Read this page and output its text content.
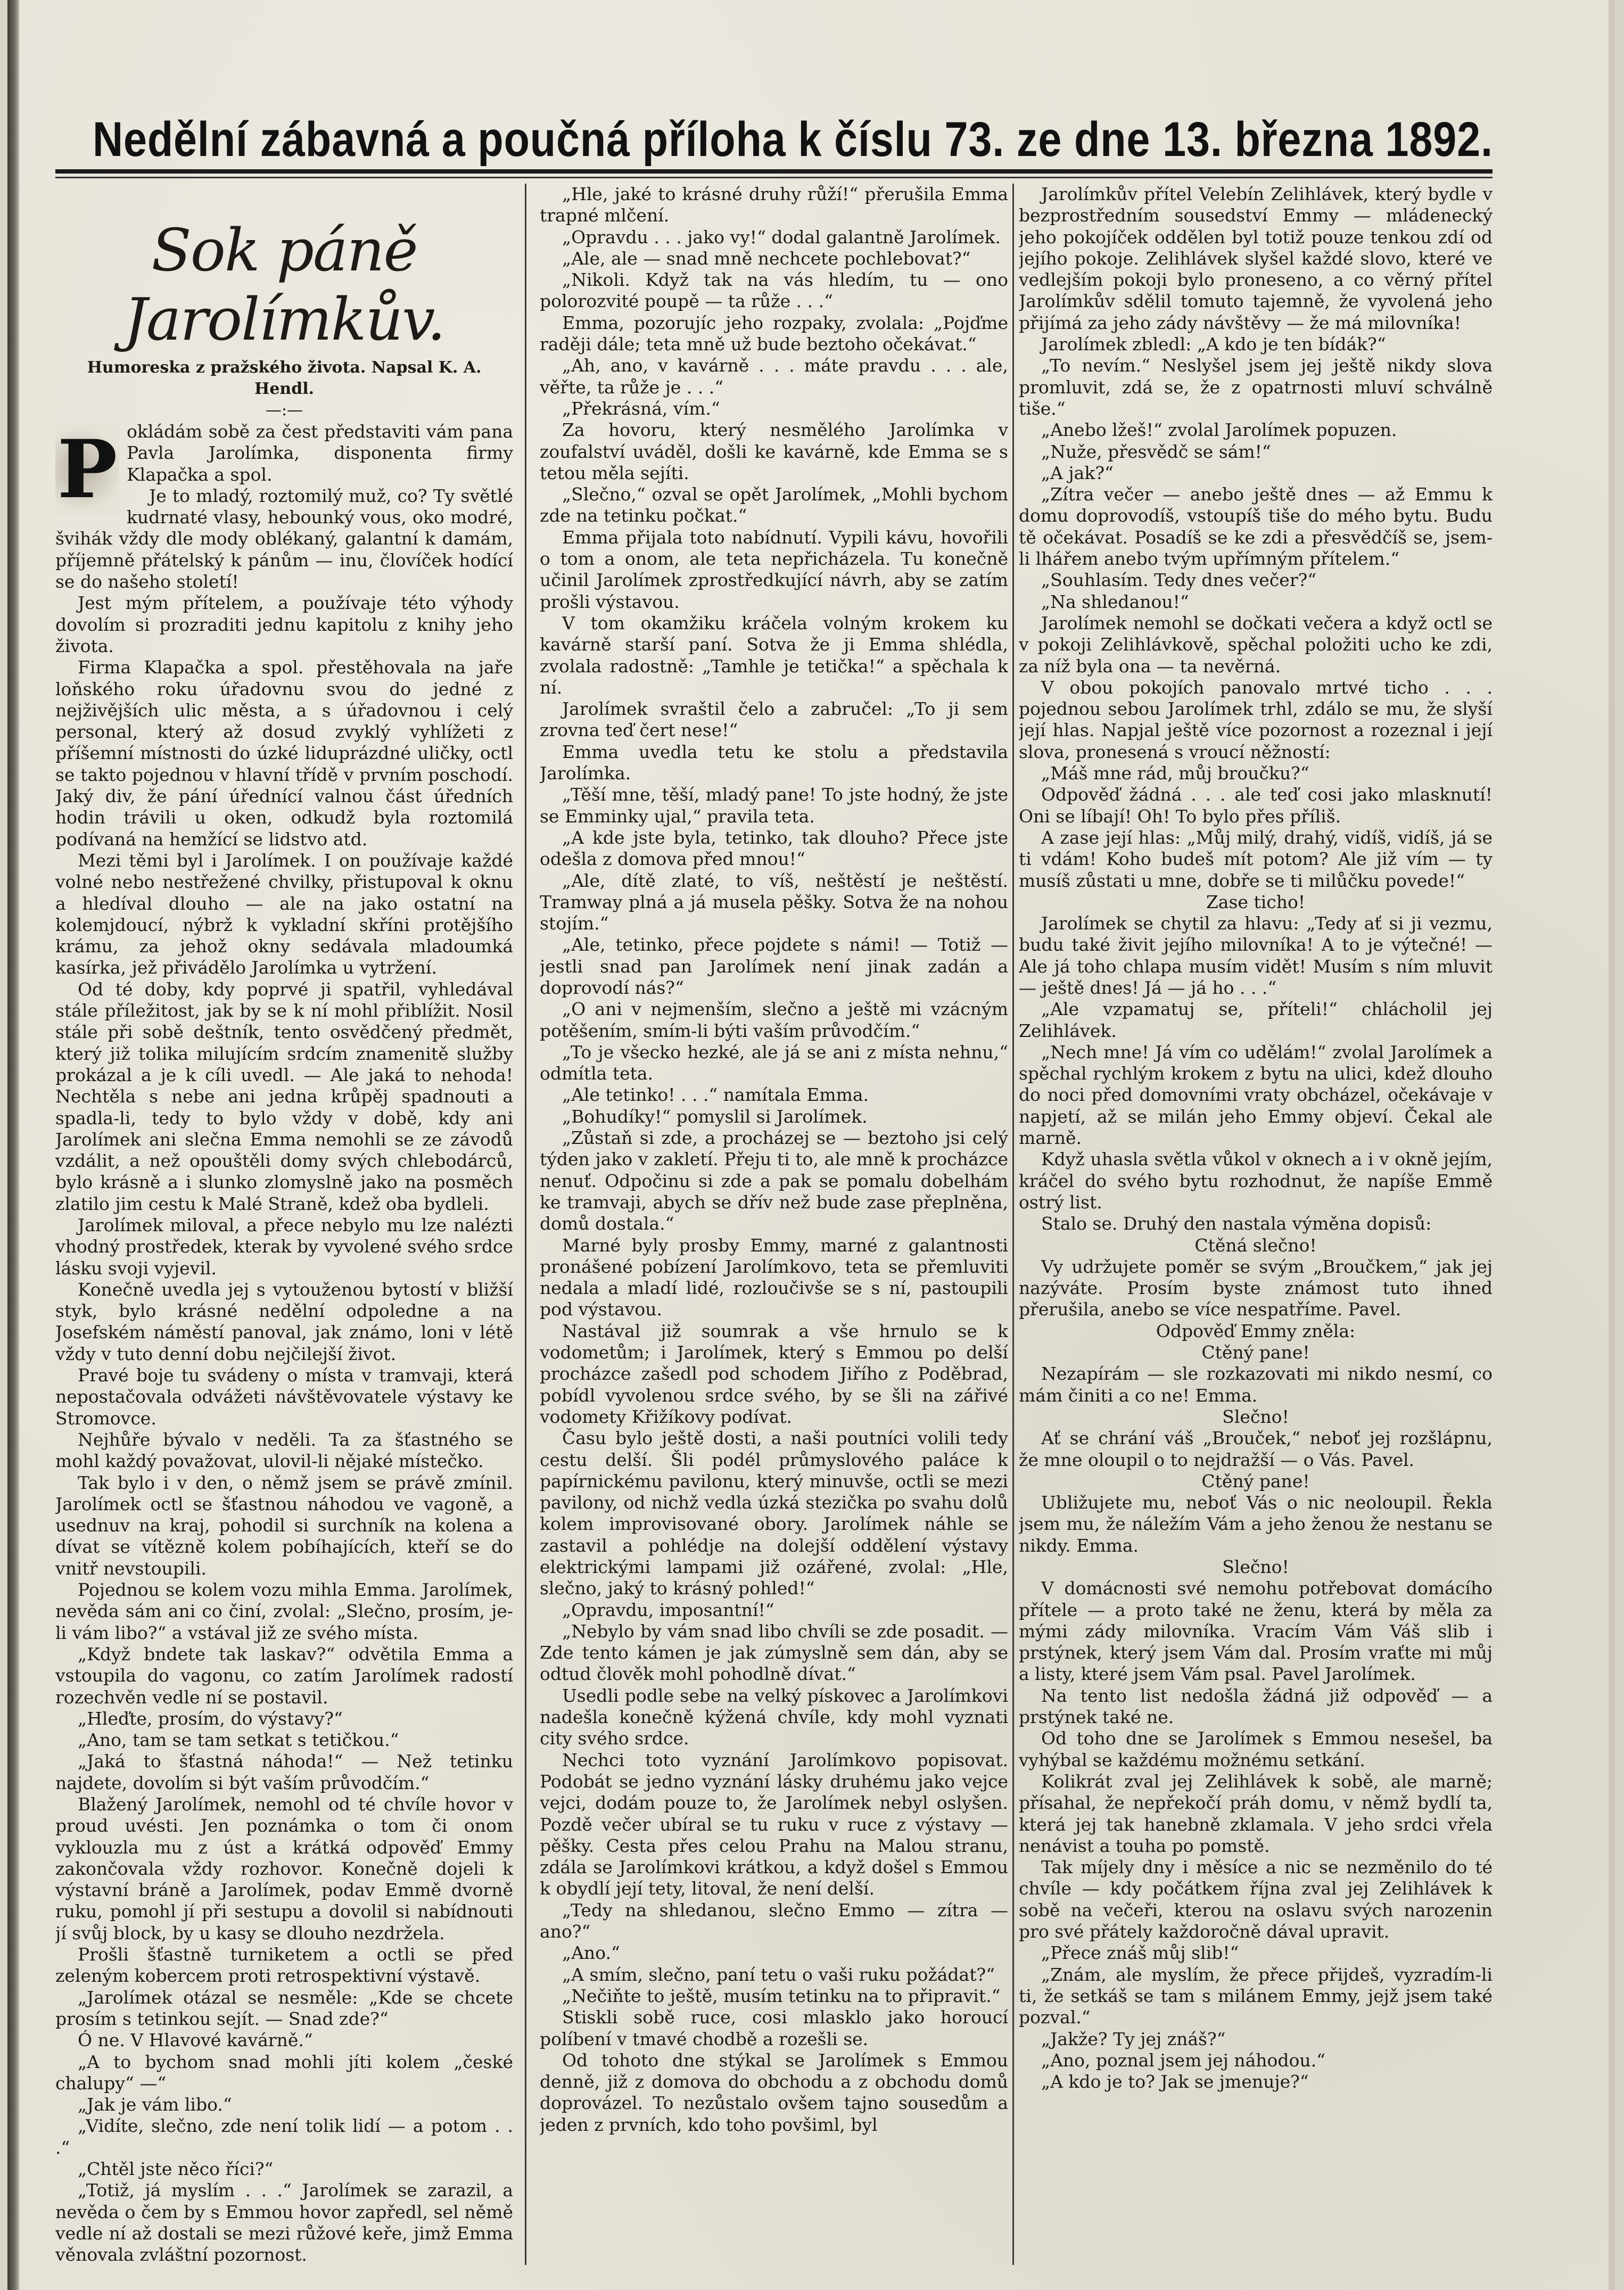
Nedělní zábavná a poučná příloha k číslu 73. ze dne 13. března 1892.
Sok páně Jarolímkův.
Humoreska z pražského života. Napsal K. A. Hendl.
—:—
P okládám sobě za čest představiti vám pana Pavla Jarolímka, disponenta firmy Klapačka a spol.

Je to mladý, roztomilý muž, co? Ty světlé kudrnaté vlasy, hebounký vous, oko modré, švihák vždy dle mody oblékaný, galantní k damám, příjemně přátelský k pánům — inu, človíček hodící se do našeho století!

Jest mým přítelem, a používaje této výhody dovolím si prozraditi jednu kapitolu z knihy jeho života.

Firma Klapačka a spol. přestěhovala na jaře loňského roku úřadovnu svou do jedné z nejživějších ulic města, a s úřadovnou i celý personal, který až dosud zvyklý vyhlížeti z příšemní místnosti do úzké liduprázdné uličky, octl se takto pojednou v hlavní třídě v prvním poschodí. Jaký div, že pání úřednící valnou část úředních hodin trávili u oken, odkudž byla roztomilá podívaná na hemžící se lidstvo atd.

Mezi těmi byl i Jarolímek. I on používaje každé volné nebo nestřežené chvilky, přistupoval k oknu a hledíval dlouho — ale na jako ostatní na kolemjdoucí, nýbrž k vykladní skříni protějšího krámu, za jehož okny sedávala mladoumká kasírka, jež přivádělo Jarolímka u vytržení.

Od té doby, kdy poprvé ji spatřil, vyhledával stále příležitost, jak by se k ní mohl přiblížit. Nosil stále při sobě deštník, tento osvědčený předmět, který již tolika milujícím srdcím znamenitě služby prokázal a je k cíli uvedl. — Ale jaká to nehoda! Nechtěla s nebe ani jedna krůpěj spadnouti a spadla-li, tedy to bylo vždy v době, kdy ani Jarolímek ani slečna Emma nemohli se ze závodů vzdálit, a než opouštěli domy svých chlebodárců, bylo krásně a i slunko zlomyslně jako na posměch zlatilo jim cestu k Malé Straně, kdež oba bydleli.

Jarolímek miloval, a přece nebylo mu lze nalézti vhodný prostředek, kterak by vyvolené svého srdce lásku svoji vyjevil.

Konečně uvedla jej s vytouženou bytostí v bližší styk, bylo krásné nedělní odpoledne a na Josefském náměstí panoval, jak známo, loni v létě vždy v tuto denní dobu nejčilejší život.

Pravé boje tu svádeny o místa v tramvaji, která nepostačovala odvážeti návštěvovatele výstavy ke Stromovce.

Nejhůře bývalo v neděli. Ta za šťastného se mohl každý považovat, ulovil-li nějaké místečko.

Tak bylo i v den, o němž jsem se právě zmínil. Jarolímek octl se šťastnou náhodou ve vagoně, a usednuv na kraj, pohodil si surchník na kolena a dívat se vítězně kolem pobíhajících, kteří se do vnitř nevstoupili.

Pojednou se kolem vozu mihla Emma. Jarolímek, nevěda sám ani co činí, zvolal: „Slečno, prosím, je-li vám libo?“ a vstával již ze svého místa.

„Když bndete tak laskav?“ odvětila Emma a vstoupila do vagonu, co zatím Jarolímek radostí rozechvěn vedle ní se postavil.

„Hleďte, prosím, do výstavy?“

„Ano, tam se tam setkat s tetičkou.“

„Jaká to šťastná náhoda!“ — Než tetinku najdete, dovolím si být vaším průvodčím.“

Blažený Jarolímek, nemohl od té chvíle hovor v proud uvésti. Jen poznámka o tom či onom vyklouzla mu z úst a krátká odpověď Emmy zakončovala vždy rozhovor. Konečně dojeli k výstavní bráně a Jarolímek, podav Emmě dvorně ruku, pomohl jí při sestupu a dovolil si nabídnouti jí svůj block, by u kasy se dlouho nezdržela.

Prošli šťastně turniketem a octli se před zeleným kobercem proti retrospektivní výstavě.

„Jarolímek otázal se nesměle: „Kde se chcete prosím s tetinkou sejít. — Snad zde?“

Ó ne. V Hlavové kavárně.“

„A to bychom snad mohli jíti kolem „české chalupy“ —“

„Jak je vám libo.“

„Vidíte, slečno, zde není tolik lidí — a potom . . .“

„Chtěl jste něco říci?“

„Totiž, já myslím . . .“ Jarolímek se zarazil, a nevěda o čem by s Emmou hovor zapředl, sel němě vedle ní až dostali se mezi růžové keře, jimž Emma věnovala zvláštní pozornost.

„Hle, jaké to krásné druhy růží!“ přerušila Emma trapné mlčení.

„Opravdu . . . jako vy!“ dodal galantně Jarolímek.

„Ale, ale — snad mně nechcete pochlebovat?“

„Nikoli. Když tak na vás hledím, tu — ono polorozvité poupě — ta růže . . .“

Emma, pozorujíc jeho rozpaky, zvolala: „Pojďme raději dále; teta mně už bude beztoho očekávat.“

„Ah, ano, v kavárně . . . máte pravdu . . . ale, věřte, ta růže je . . .“

„Překrásná, vím.“

Za hovoru, který nesmělého Jarolímka v zoufalství uváděl, došli ke kavárně, kde Emma se s tetou měla sejíti.

„Slečno,“ ozval se opět Jarolímek, „Mohli bychom zde na tetinku počkat.“

Emma přijala toto nabídnutí. Vypili kávu, hovořili o tom a onom, ale teta nepřicházela. Tu konečně učinil Jarolímek zprostředkující návrh, aby se zatím prošli výstavou.

V tom okamžiku kráčela volným krokem ku kavárně starší paní. Sotva že ji Emma shlédla, zvolala radostně: „Tamhle je tetička!“ a spěchala k ní.

Jarolímek svraštil čelo a zabručel: „To ji sem zrovna teď čert nese!“

Emma uvedla tetu ke stolu a představila Jarolímka.

„Těší mne, těší, mladý pane! To jste hodný, že jste se Emminky ujal,“ pravila teta.

„A kde jste byla, tetinko, tak dlouho? Přece jste odešla z domova před mnou!“

„Ale, dítě zlaté, to víš, neštěstí je neštěstí. Tramway plná a já musela pěšky. Sotva že na nohou stojím.“

„Ale, tetinko, přece pojdete s námi! — Totiž — jestli snad pan Jarolímek není jinak zadán a doprovodí nás?“

„O ani v nejmenším, slečno a ještě mi vzácným potěšením, smím-li býti vaším průvodčím.“

„To je všecko hezké, ale já se ani z místa nehnu,“ odmítla teta.

„Ale tetinko! . . .“ namítala Emma.

„Bohudíky!“ pomyslil si Jarolímek.

„Zůstaň si zde, a procházej se — beztoho jsi celý týden jako v zakletí. Přeju ti to, ale mně k procházce nenuť. Odpočinu si zde a pak se pomalu dobelhám ke tramvaji, abych se dřív než bude zase přeplněna, domů dostala.“

Marné byly prosby Emmy, marné z galantnosti pronášené pobízení Jarolímkovo, teta se přemluviti nedala a mladí lidé, rozloučivše se s ní, pastoupili pod výstavou.

Nastával již soumrak a vše hrnulo se k vodometům; i Jarolímek, který s Emmou po delší procházce zašedl pod schodem Jiřího z Poděbrad, pobídl vyvolenou srdce svého, by se šli na zářivé vodomety Křižíkovy podívat.

Času bylo ještě dosti, a naši poutníci volili tedy cestu delší. Šli podél průmyslového paláce k papírnickému pavilonu, který minuvše, octli se mezi pavilony, od nichž vedla úzká stezička po svahu dolů kolem improvisované obory. Jarolímek náhle se zastavil a pohlédje na dolejší oddělení výstavy elektrickými lampami již ozářené, zvolal: „Hle, slečno, jaký to krásný pohled!“

„Opravdu, imposantní!“

„Nebylo by vám snad libo chvíli se zde posadit. — Zde tento kámen je jak zúmyslně sem dán, aby se odtud člověk mohl pohodlně dívat.“

Usedli podle sebe na velký pískovec a Jarolímkovi nadešla konečně kýžená chvíle, kdy mohl vyznati city svého srdce.

Nechci toto vyznání Jarolímkovo popisovat. Podobát se jedno vyznání lásky druhému jako vejce vejci, dodám pouze to, že Jarolímek nebyl oslyšen. Pozdě večer ubíral se tu ruku v ruce z výstavy — pěšky. Cesta přes celou Prahu na Malou stranu, zdála se Jarolímkovi krátkou, a když došel s Emmou k obydlí její tety, litoval, že není delší.

„Tedy na shledanou, slečno Emmo — zítra — ano?“

„Ano.“

„A smím, slečno, paní tetu o vaši ruku požádat?“

„Nečiňte to ještě, musím tetinku na to připravit.“

Stiskli sobě ruce, cosi mlasklo jako horoucí políbení v tmavé chodbě a rozešli se.

Od tohoto dne stýkal se Jarolímek s Emmou denně, již z domova do obchodu a z obchodu domů doprovázel. To nezůstalo ovšem tajno sousedům a jeden z prvních, kdo toho povšiml, byl

Jarolímkův přítel Velebín Zelihlávek, který bydle v bezprostředním sousedství Emmy — mládenecký jeho pokojíček oddělen byl totiž pouze tenkou zdí od jejího pokoje. Zelihlávek slyšel každé slovo, které ve vedlejším pokoji bylo proneseno, a co věrný přítel Jarolímkův sdělil tomuto tajemně, že vyvolená jeho přijímá za jeho zády návštěvy — že má milovníka!

Jarolímek zbledl: „A kdo je ten bídák?“

„To nevím.“ Neslyšel jsem jej ještě nikdy slova promluvit, zdá se, že z opatrnosti mluví schválně tiše.“

„Anebo lžeš!“ zvolal Jarolímek popuzen.

„Nuže, přesvědč se sám!“

„A jak?“

„Zítra večer — anebo ještě dnes — až Emmu k domu doprovodíš, vstoupíš tiše do mého bytu. Budu tě očekávat. Posadíš se ke zdi a přesvědčíš se, jsem-li lhářem anebo tvým upřímným přítelem.“

„Souhlasím. Tedy dnes večer?“

„Na shledanou!“

Jarolímek nemohl se dočkati večera a když octl se v pokoji Zelihlávkově, spěchal položiti ucho ke zdi, za níž byla ona — ta nevěrná.

V obou pokojích panovalo mrtvé ticho . . . pojednou sebou Jarolímek trhl, zdálo se mu, že slyší její hlas. Napjal ještě více pozornost a rozeznal i její slova, pronesená s vroucí něžností:

„Máš mne rád, můj broučku?“

Odpověď žádná . . . ale teď cosi jako mlasknutí! Oni se líbají! Oh! To bylo přes příliš.

A zase její hlas: „Můj milý, drahý, vidíš, vidíš, já se ti vdám! Koho budeš mít potom? Ale již vím — ty musíš zůstati u mne, dobře se ti milůčku povede!“

Zase ticho!

Jarolímek se chytil za hlavu: „Tedy ať si ji vezmu, budu také živit jejího milovníka! A to je výtečné! — Ale já toho chlapa musím vidět! Musím s ním mluvit — ještě dnes! Já — já ho . . .“

„Ale vzpamatuj se, příteli!“ chlácholil jej Zelihlávek.

„Nech mne! Já vím co udělám!“ zvolal Jarolímek a spěchal rychlým krokem z bytu na ulici, kdež dlouho do noci před domovními vraty obcházel, očekávaje v napjetí, až se milán jeho Emmy objeví. Čekal ale marně.

Když uhasla světla vůkol v oknech a i v okně jejím, kráčel do svého bytu rozhodnut, že napíše Emmě ostrý list.

Stalo se. Druhý den nastala výměna dopisů:

Ctěná slečno!

Vy udržujete poměr se svým „Broučkem,“ jak jej nazýváte. Prosím byste známost tuto ihned přerušila, anebo se více nespatříme. Pavel.

Odpověď Emmy zněla:

Ctěný pane!

Nezapírám — sle rozkazovati mi nikdo nesmí, co mám činiti a co ne! Emma.

Slečno!

Ať se chrání váš „Brouček,“ neboť jej rozšlápnu, že mne oloupil o to nejdražší — o Vás. Pavel.

Ctěný pane!

Ubližujete mu, neboť Vás o nic neoloupil. Řekla jsem mu, že náležím Vám a jeho ženou že nestanu se nikdy. Emma.

Slečno!

V domácnosti své nemohu potřebovat domácího přítele — a proto také ne ženu, která by měla za mými zády milovníka. Vracím Vám Váš slib i prstýnek, který jsem Vám dal. Prosím vraťte mi můj a listy, které jsem Vám psal. Pavel Jarolímek.

Na tento list nedošla žádná již odpověď — a prstýnek také ne.

Od toho dne se Jarolímek s Emmou nesešel, ba vyhýbal se každému možnému setkání.

Kolikrát zval jej Zelihlávek k sobě, ale marně; přísahal, že nepřekočí práh domu, v němž bydlí ta, která jej tak hanebně zklamala. V jeho srdci vřela nenávist a touha po pomstě.

Tak míjely dny i měsíce a nic se nezměnilo do té chvíle — kdy počátkem října zval jej Zelihlávek k sobě na večeři, kterou na oslavu svých narozenin pro své přátely každoročně dával upravit.

„Přece znáš můj slib!“

„Znám, ale myslím, že přece přijdeš, vyzradím-li ti, že setkáš se tam s milánem Emmy, jejž jsem také pozval.“

„Jakže? Ty jej znáš?“

„Ano, poznal jsem jej náhodou.“

„A kdo je to? Jak se jmenuje?“
